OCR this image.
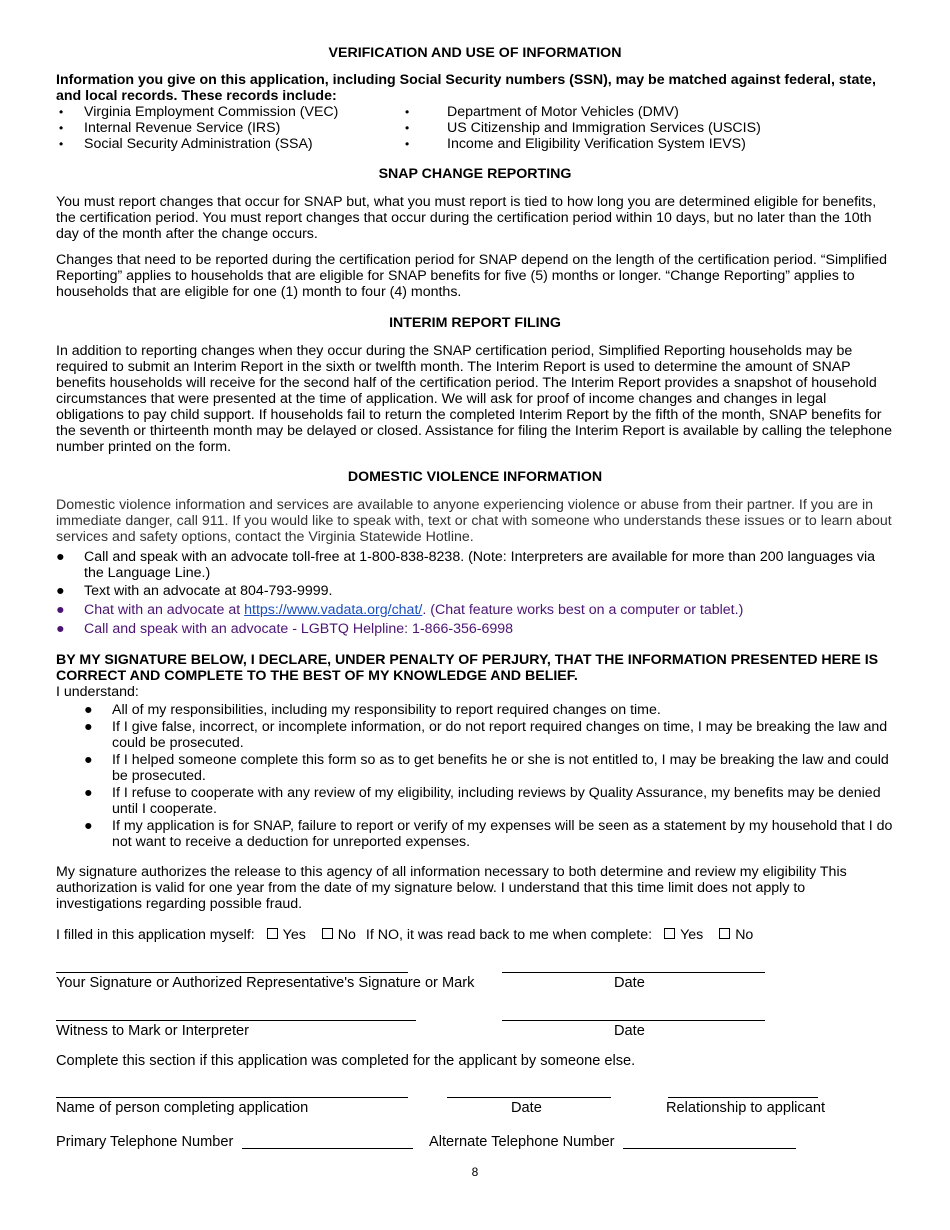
VERIFICATION AND USE OF INFORMATION
Information you give on this application, including Social Security numbers (SSN), may be matched against federal, state, and local records. These records include:
• Virginia Employment Commission (VEC)	•	Department of Motor Vehicles (DMV)
• Internal Revenue Service (IRS)	•	US Citizenship and Immigration Services (USCIS)
• Social Security Administration (SSA)	•	Income and Eligibility Verification System IEVS)
SNAP CHANGE REPORTING
You must report changes that occur for SNAP but, what you must report is tied to how long you are determined eligible for benefits, the certification period. You must report changes that occur during the certification period within 10 days, but no later than the 10th day of the month after the change occurs.
Changes that need to be reported during the certification period for SNAP depend on the length of the certification period. “Simplified Reporting” applies to households that are eligible for SNAP benefits for five (5) months or longer. “Change Reporting” applies to households that are eligible for one (1) month to four (4) months.
INTERIM REPORT FILING
In addition to reporting changes when they occur during the SNAP certification period, Simplified Reporting households may be required to submit an Interim Report in the sixth or twelfth month. The Interim Report is used to determine the amount of SNAP benefits households will receive for the second half of the certification period. The Interim Report provides a snapshot of household circumstances that were presented at the time of application. We will ask for proof of income changes and changes in legal obligations to pay child support. If households fail to return the completed Interim Report by the fifth of the month, SNAP benefits for the seventh or thirteenth month may be delayed or closed. Assistance for filing the Interim Report is available by calling the telephone number printed on the form.
DOMESTIC VIOLENCE INFORMATION
Domestic violence information and services are available to anyone experiencing violence or abuse from their partner. If you are in immediate danger, call 911. If you would like to speak with, text or chat with someone who understands these issues or to learn about services and safety options, contact the Virginia Statewide Hotline.
●	Call and speak with an advocate toll-free at 1-800-838-8238. (Note: Interpreters are available for more than 200 languages via the Language Line.)
●	Text with an advocate at 804-793-9999.
●	Chat with an advocate at https://www.vadata.org/chat/. (Chat feature works best on a computer or tablet.)
●	Call and speak with an advocate - LGBTQ Helpline: 1-866-356-6998
BY MY SIGNATURE BELOW, I DECLARE, UNDER PENALTY OF PERJURY, THAT THE INFORMATION PRESENTED HERE IS CORRECT AND COMPLETE TO THE BEST OF MY KNOWLEDGE AND BELIEF.
I understand:
●	All of my responsibilities, including my responsibility to report required changes on time.
●	If I give false, incorrect, or incomplete information, or do not report required changes on time, I may be breaking the law and could be prosecuted.
●	If I helped someone complete this form so as to get benefits he or she is not entitled to, I may be breaking the law and could be prosecuted.
●	If I refuse to cooperate with any review of my eligibility, including reviews by Quality Assurance, my benefits may be denied until I cooperate.
●	If my application is for SNAP, failure to report or verify of my expenses will be seen as a statement by my household that I do not want to receive a deduction for unreported expenses.
My signature authorizes the release to this agency of all information necessary to both determine and review my eligibility This authorization is valid for one year from the date of my signature below. I understand that this time limit does not apply to investigations regarding possible fraud.
I filled in this application myself: Yes No If NO, it was read back to me when complete: Yes No
Your Signature or Authorized Representative's Signature or Mark	Date
Witness to Mark or Interpreter	Date
Complete this section if this application was completed for the applicant by someone else.
Name of person completing application	Date	Relationship to applicant
Primary Telephone Number	Alternate Telephone Number
8
